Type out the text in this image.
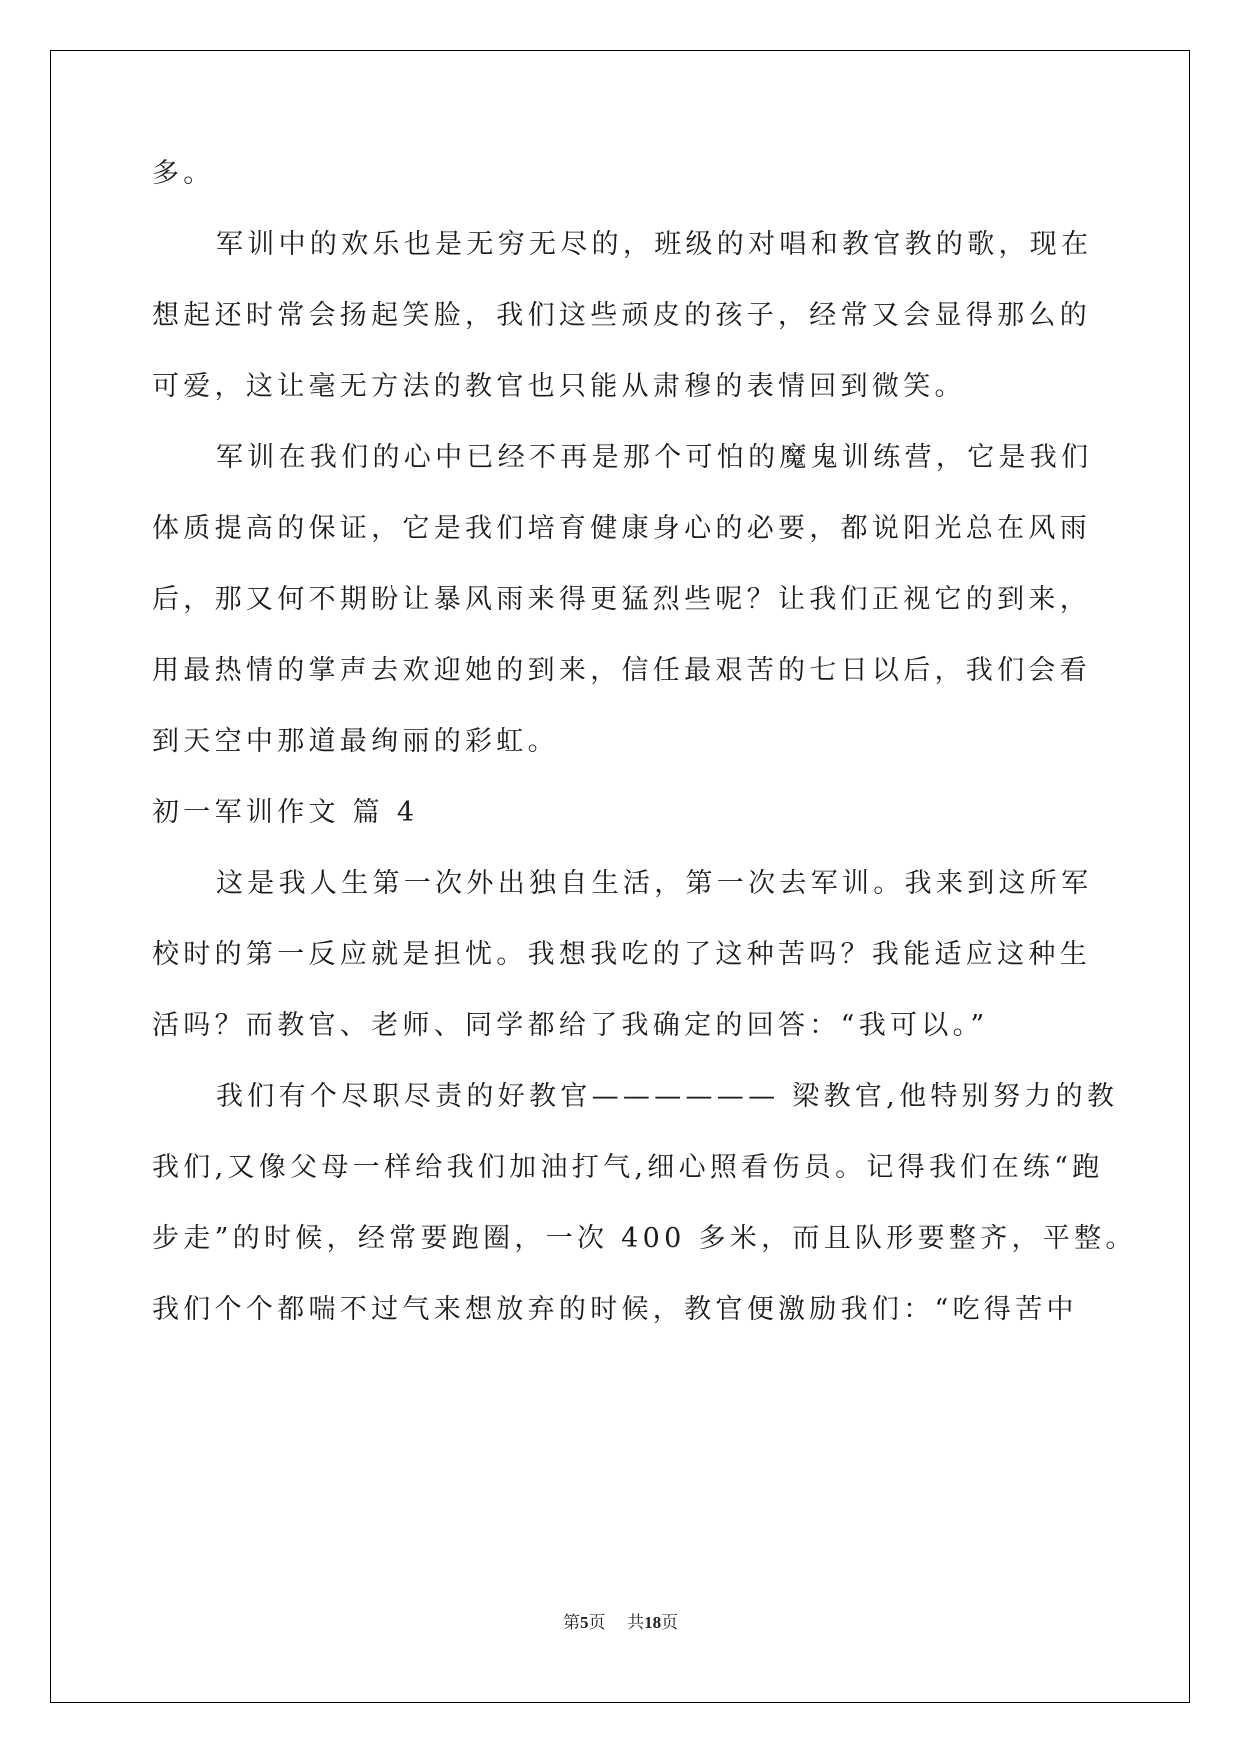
多。

军训中的欢乐也是无穷无尽的，班级的对唱和教官教的歌，现在

想起还时常会扬起笑脸，我们这些顽皮的孩子，经常又会显得那么的

可爱，这让毫无方法的教官也只能从肃穆的表情回到微笑。

军训在我们的心中已经不再是那个可怕的魔鬼训练营，它是我们

体质提高的保证，它是我们培育健康身心的必要，都说阳光总在风雨

后，那又何不期盼让暴风雨来得更猛烈些呢？让我们正视它的到来，

用最热情的掌声去欢迎她的到来，信任最艰苦的七日以后，我们会看

到天空中那道最绚丽的彩虹。

初一军训作文 篇 4

这是我人生第一次外出独自生活，第一次去军训。我来到这所军

校时的第一反应就是担忧。我想我吃的了这种苦吗？我能适应这种生

活吗？而教官、老师、同学都给了我确定的回答：“我可以。”

我们有个尽职尽责的好教官—————— 梁教官,他特别努力的教

我们,又像父母一样给我们加油打气,细心照看伤员。记得我们在练“跑

步走”的时候，经常要跑圈，一次 400 多米，而且队形要整齐，平整。

我们个个都喘不过气来想放弃的时候，教官便激励我们：“吃得苦中

第5页 共18页
